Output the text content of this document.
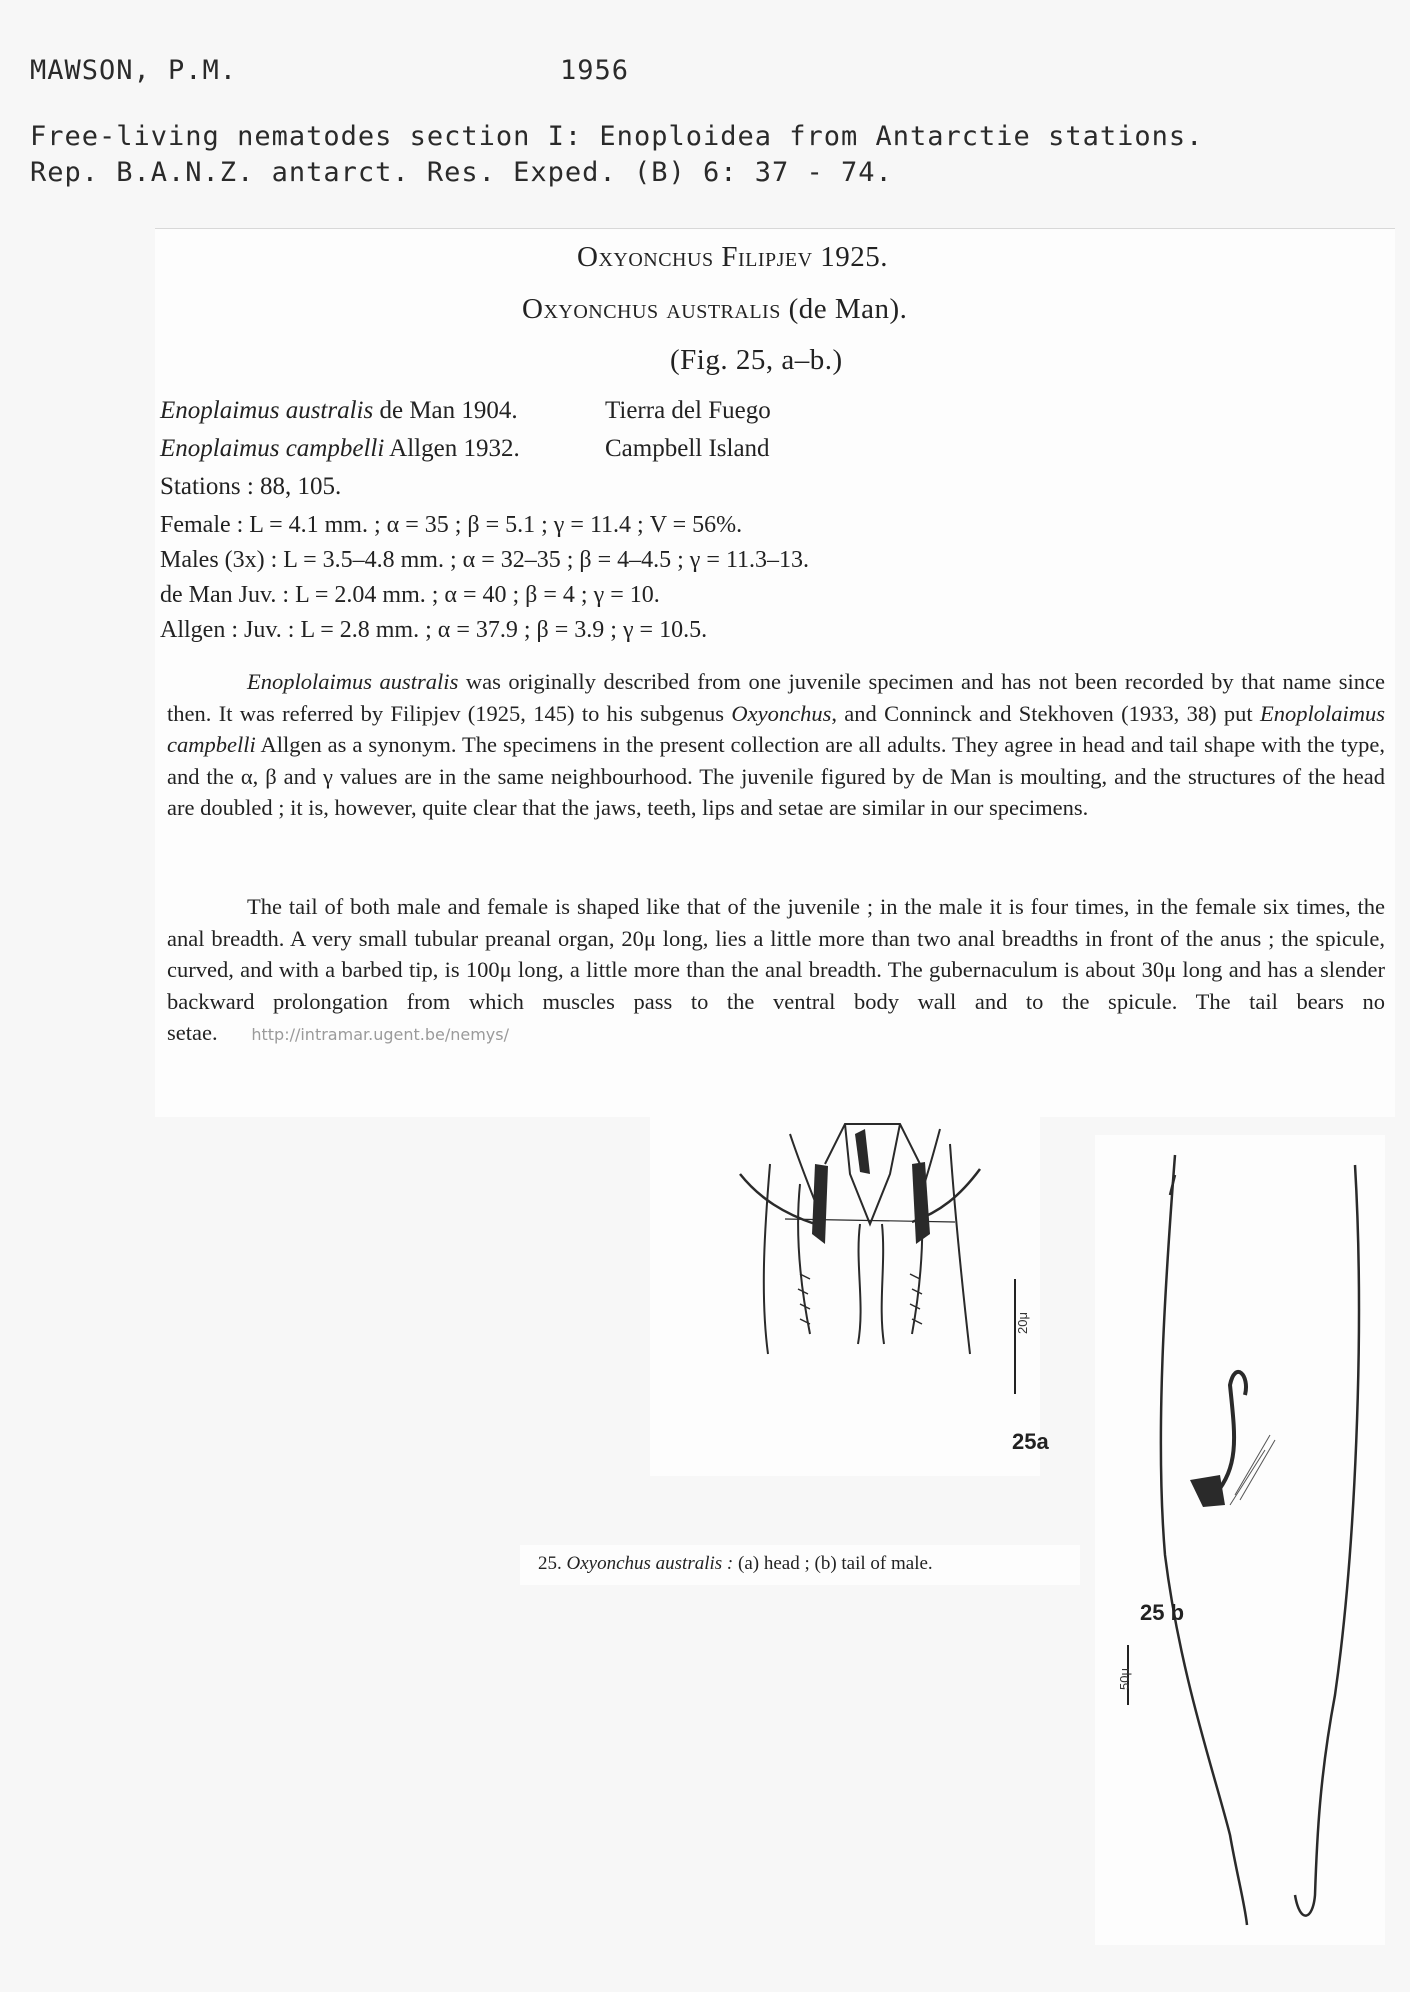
MAWSON, P.M.	1956
Free-living nematodes section I: Enoploidea from Antarctie stations.
Rep. B.A.N.Z. antarct. Res. Exped. (B) 6: 37 - 74.
Oxyonchus Filipjev 1925.
Oxyonchus australis (de Man).
(Fig. 25, a–b.)
Enoplaimus australis de Man 1904.	Tierra del Fuego
Enoplaimus campbelli Allgen 1932.	Campbell Island
Stations : 88, 105.
Female : L = 4.1 mm. ; α = 35 ; β = 5.1 ; γ = 11.4 ; V = 56%.
Males (3x) : L = 3.5–4.8 mm. ; α = 32–35 ; β = 4–4.5 ; γ = 11.3–13.
de Man Juv. : L = 2.04 mm. ; α = 40 ; β = 4 ; γ = 10.
Allgen : Juv. : L = 2.8 mm. ; α = 37.9 ; β = 3.9 ; γ = 10.5.

Enoplolaimus australis was originally described from one juvenile specimen and has not been recorded by that name since then. It was referred by Filipjev (1925, 145) to his subgenus Oxyonchus, and Conninck and Stekhoven (1933, 38) put Enoplolaimus campbelli Allgen as a synonym. The specimens in the present collection are all adults. They agree in head and tail shape with the type, and the α, β and γ values are in the same neighbourhood. The juvenile figured by de Man is moulting, and the structures of the head are doubled ; it is, however, quite clear that the jaws, teeth, lips and setae are similar in our specimens.

The tail of both male and female is shaped like that of the juvenile ; in the male it is four times, in the female six times, the anal breadth. A very small tubular preanal organ, 20μ long, lies a little more than two anal breadths in front of the anus ; the spicule, curved, and with a barbed tip, is 100μ long, a little more than the anal breadth. The gubernaculum is about 30μ long and has a slender backward prolongation from which muscles pass to the ventral body wall and to the spicule. The tail bears no setae. http://intramar.ugent.be/nemys/

20μ
25a
50μ
25 b
25. Oxyonchus australis : (a) head ; (b) tail of male.
